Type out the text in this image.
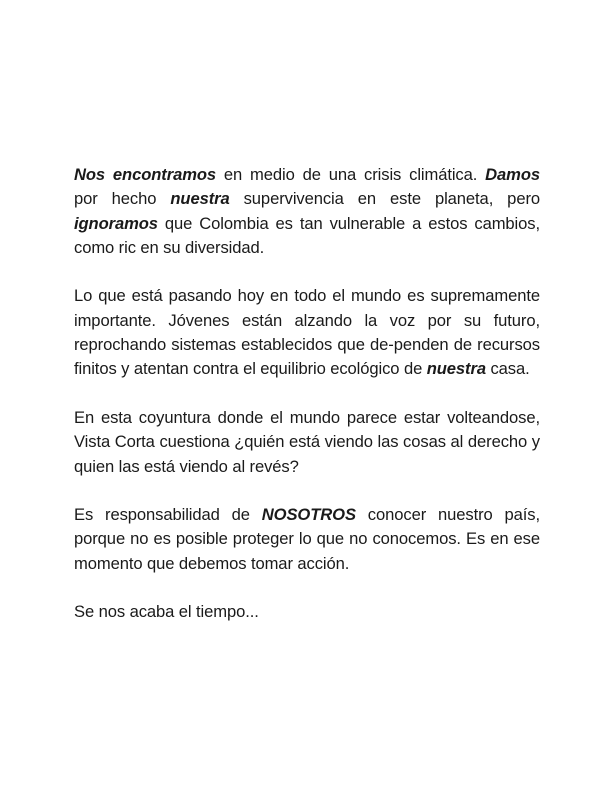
Nos encontramos en medio de una crisis climática. Damos por hecho nuestra supervivencia en este planeta, pero ignoramos que Colombia es tan vulnerable a estos cambios, como ric en su diversidad.

Lo que está pasando hoy en todo el mundo es supremamente importante. Jóvenes están alzando la voz por su futuro, reprochando sistemas establecidos que de-penden de recursos finitos y atentan contra el equilibrio ecológico de nuestra casa.

En esta coyuntura donde el mundo parece estar volteandose, Vista Corta cuestiona ¿quién está viendo las cosas al derecho y quien las está viendo al revés?

Es responsabilidad de NOSOTROS conocer nuestro país, porque no es posible proteger lo que no conocemos. Es en ese momento que debemos tomar acción.

Se nos acaba el tiempo...
